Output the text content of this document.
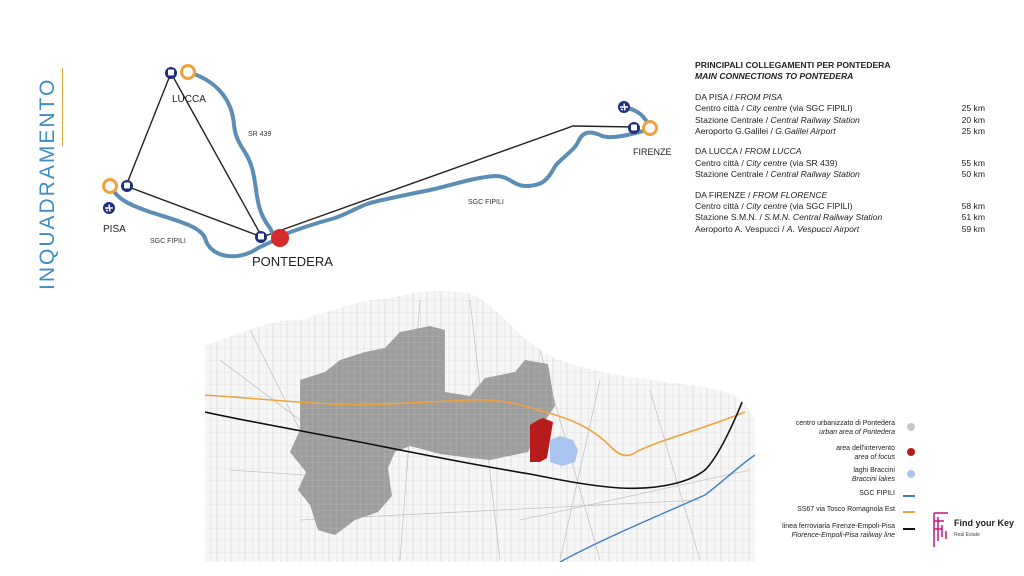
INQUADRAMENTO	LUCCA
PISA
FIRENZE
PONTEDERA
SR 439
SGC FIPILI
SGC FIPILI
PRINCIPALI COLLEGAMENTI PER PONTEDERA
MAIN CONNECTIONS TO PONTEDERA
DA PISA / FROM PISA
Centro città / City centre (via SGC FIPILI)	25 km
Stazione Centrale / Central Railway Station	20 km
Aeroporto G.Galilei / G.Galilei Airport	25 km
DA LUCCA / FROM LUCCA
Centro città / City centre (via SR 439)	55 km
Stazione Centrale / Central Railway Station	50 km
DA FIRENZE / FROM FLORENCE
Centro città / City centre (via SGC FIPILI)	58 km
Stazione S.M.N. / S.M.N. Central Railway Station	51 km
Aeroporto A. Vespucci / A. Vespucci Airport	59 km
centro urbanizzato di Pontedera
urban area of Pontedera
area dell'intervento
area of focus
laghi Braccini
Braccini lakes
SGC FIPILI
SS67 via Tosco Romagnola Est
linea ferroviaria Firenze-Empoli-Pisa
Florence-Empoli-Pisa railway line
Find your Key
Real Estate
